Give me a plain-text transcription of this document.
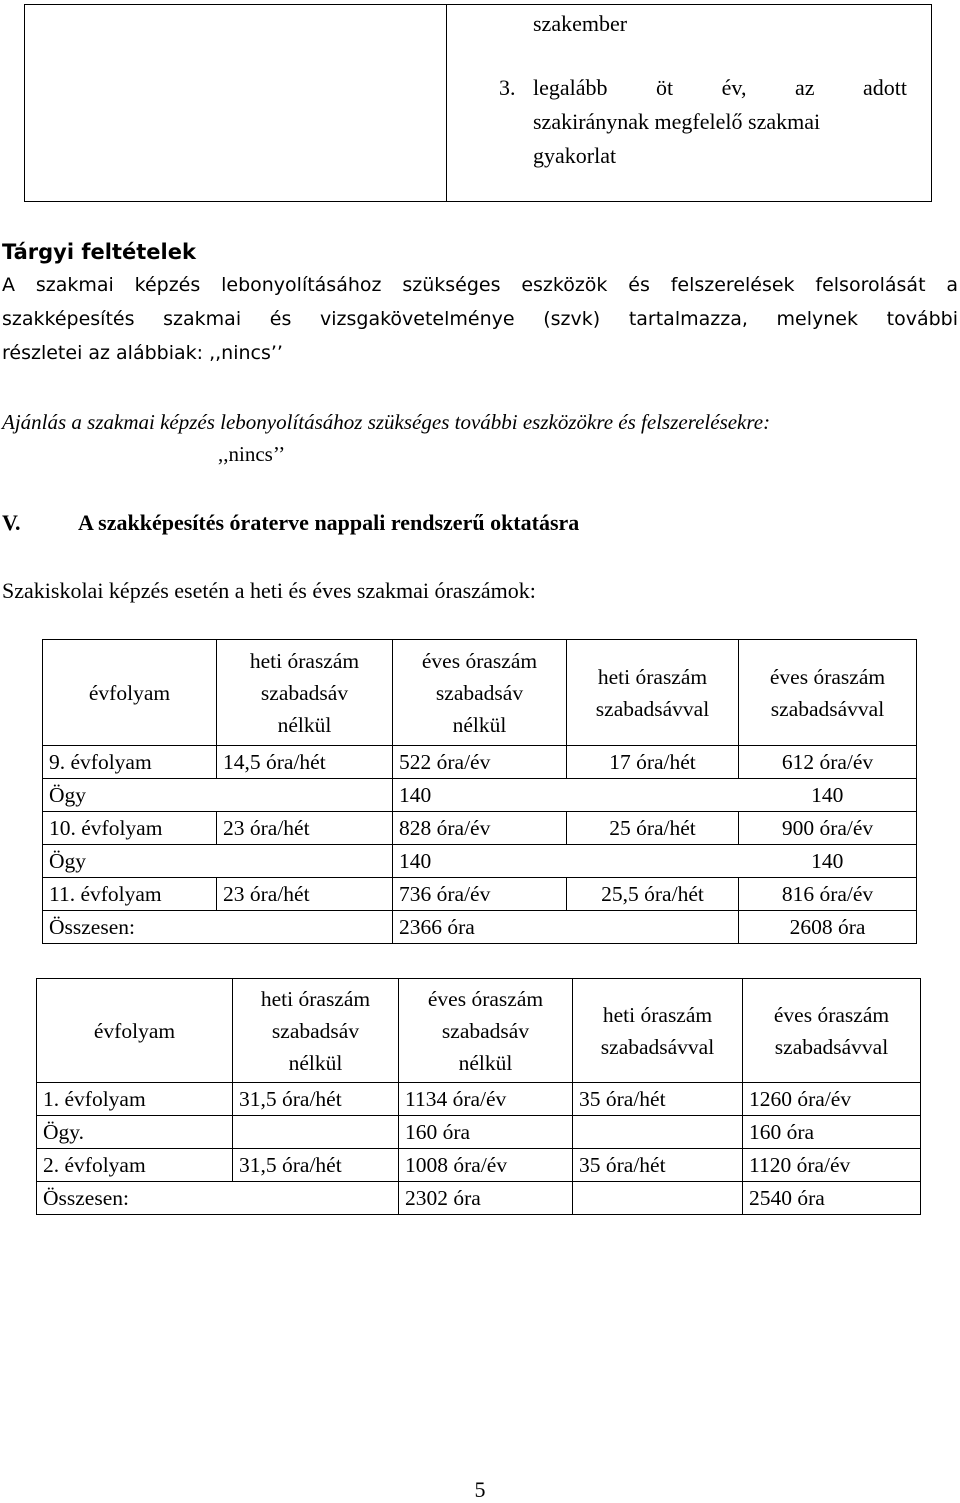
szakember
3. legalább öt év, az adott
szakiránynak megfelelő szakmai
gyakorlat
Tárgyi feltételek
A szakmai képzés lebonyolításához szükséges eszközök és felszerelések felsorolását a
szakképesítés szakmai és vizsgakövetelménye (szvk) tartalmazza, melynek további
részletei az alábbiak: ,,nincs’’
Ajánlás a szakmai képzés lebonyolításához szükséges további eszközökre és felszerelésekre:
,,nincs’’
V.	A szakképesítés óraterve nappali rendszerű oktatásra
Szakiskolai képzés esetén a heti és éves szakmai óraszámok:
évfolyam	heti óraszám
szabadsáv
nélkül	éves óraszám
szabadsáv
nélkül	heti óraszám
szabadsávval	éves óraszám
szabadsávval

9. évfolyam	14,5 óra/hét	522 óra/év	17 óra/hét	612 óra/év
Ögy		140		140
10. évfolyam	23 óra/hét	828 óra/év	25 óra/hét	900 óra/év
Ögy		140		140
11. évfolyam	23 óra/hét	736 óra/év	25,5 óra/hét	816 óra/év
Összesen:		2366 óra		2608 óra
évfolyam	heti óraszám
szabadsáv
nélkül	éves óraszám
szabadsáv
nélkül	heti óraszám
szabadsávval	éves óraszám
szabadsávval

1. évfolyam	31,5 óra/hét	1134 óra/év	35 óra/hét	1260 óra/év
Ögy.		160 óra		160 óra
2. évfolyam	31,5 óra/hét	1008 óra/év	35 óra/hét	1120 óra/év
Összesen:		2302 óra		2540 óra
5
